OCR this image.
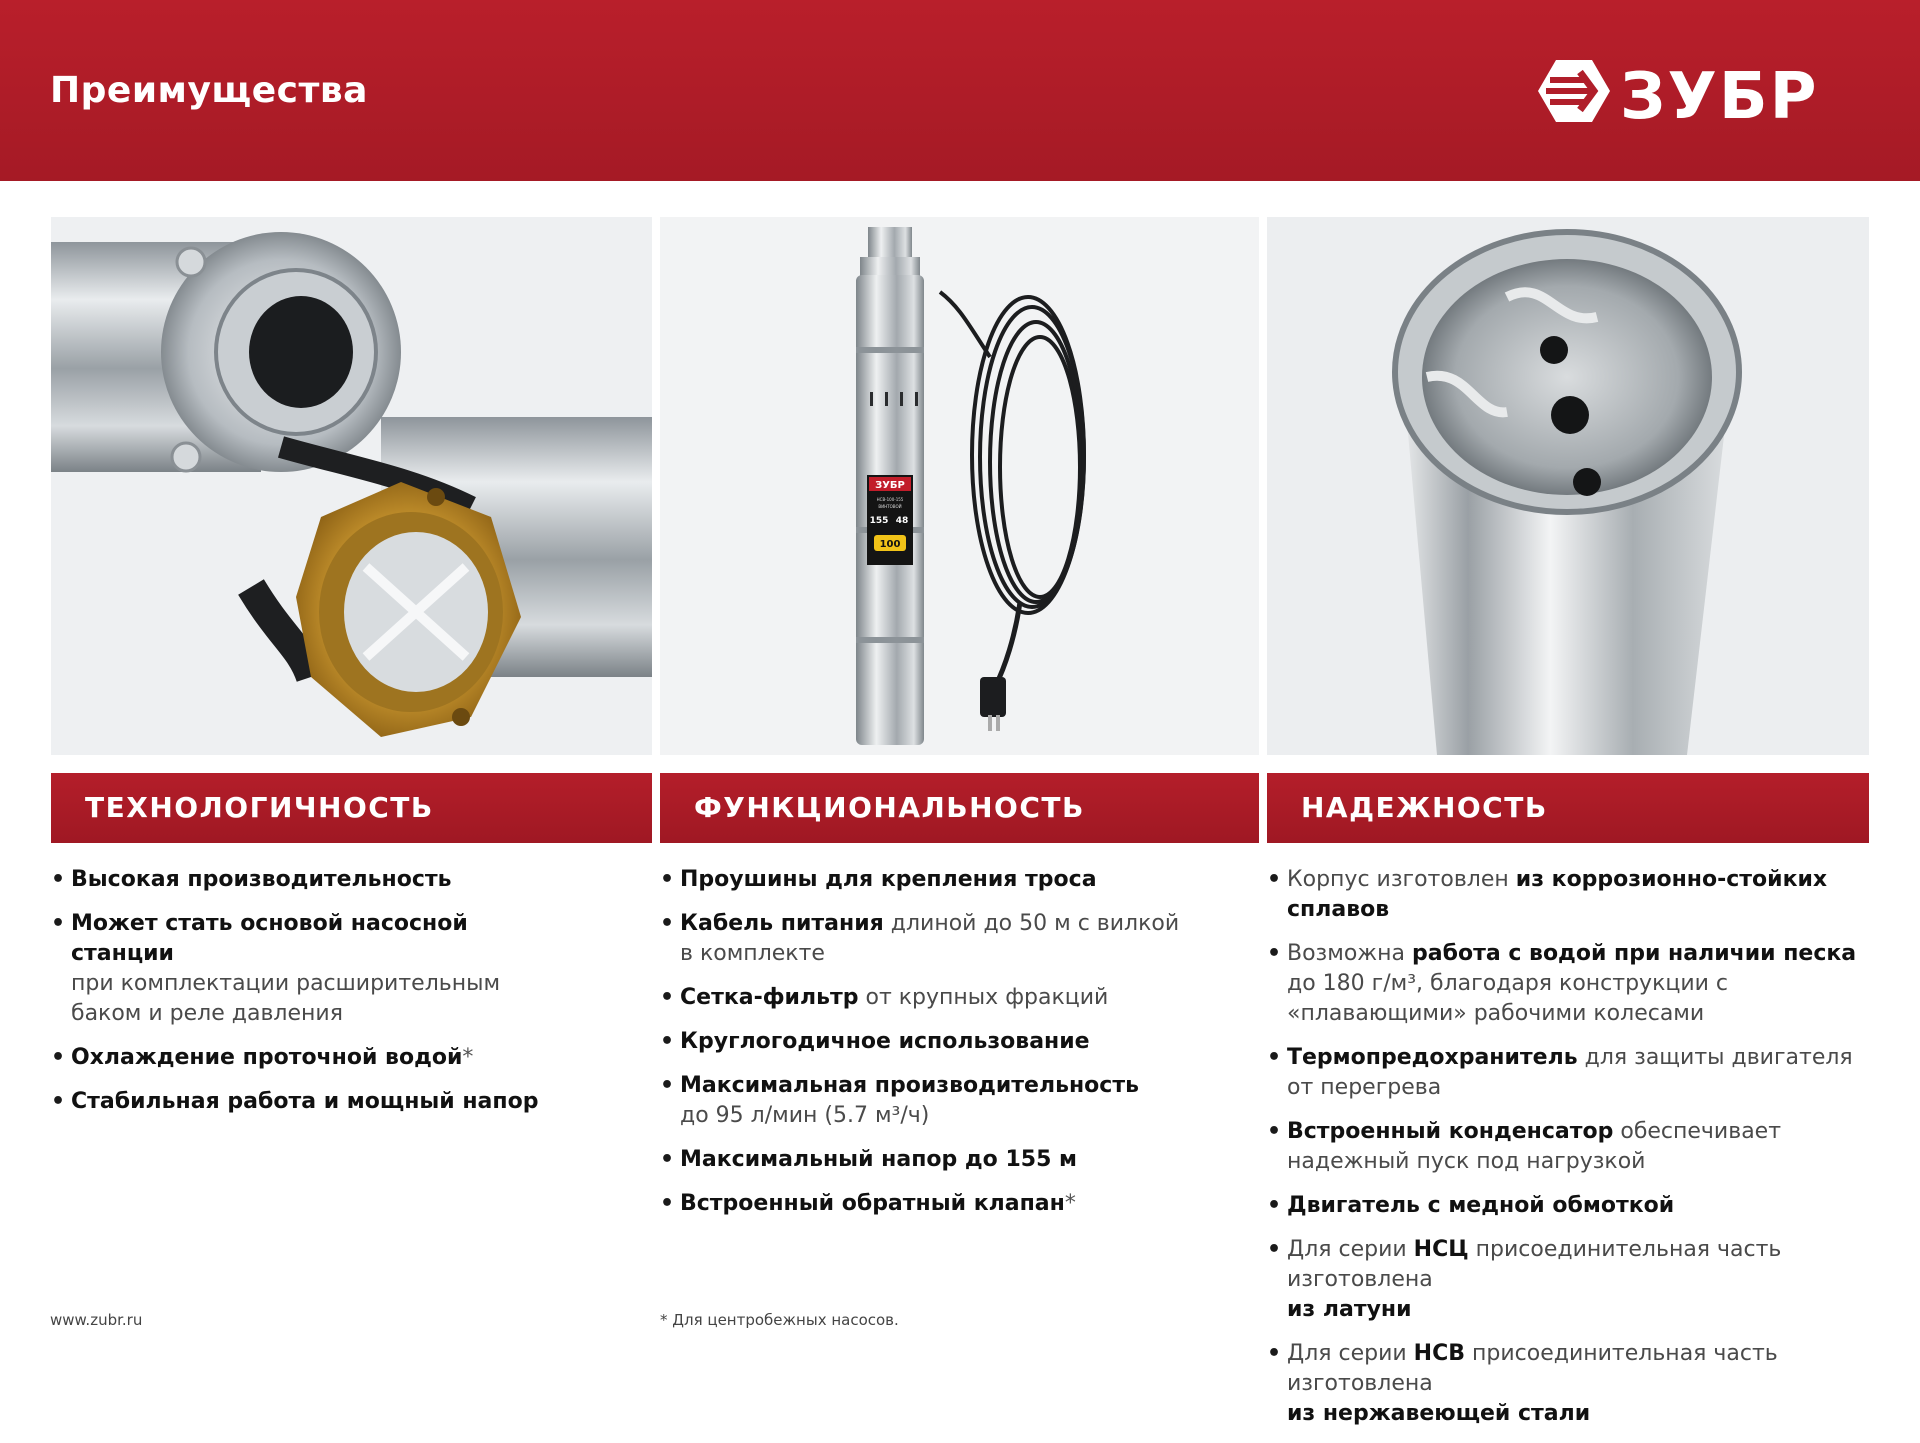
Преимущества	ЗУБР
ЗУБР
НСВ-100-155
ВИНТОВОЙ
155 48
100
ТЕХНОЛОГИЧНОСТЬ	ФУНКЦИОНАЛЬНОСТЬ	НАДЕЖНОСТЬ
• Высокая производительность
• Может стать основой насосной станции
при комплектации расширительным баком и реле давления
• Охлаждение проточной водой*
• Стабильная работа и мощный напор
• Проушины для крепления троса
• Кабель питания длиной до 50 м с вилкой в комплекте
• Сетка-фильтр от крупных фракций
• Круглогодичное использование
• Максимальная производительность
до 95 л/мин (5.7 м³/ч)
• Максимальный напор до 155 м
• Встроенный обратный клапан*
• Корпус изготовлен из коррозионно-стойких сплавов
• Возможна работа с водой при наличии песка
до 180 г/м³, благодаря конструкции с «плавающими» рабочими колесами
• Термопредохранитель для защиты двигателя от перегрева
• Встроенный конденсатор обеспечивает надежный пуск под нагрузкой
• Двигатель с медной обмоткой
• Для серии НСЦ присоединительная часть изготовлена
из латуни
• Для серии НСВ присоединительная часть изготовлена
из нержавеющей стали
www.zubr.ru	* Для центробежных насосов.
